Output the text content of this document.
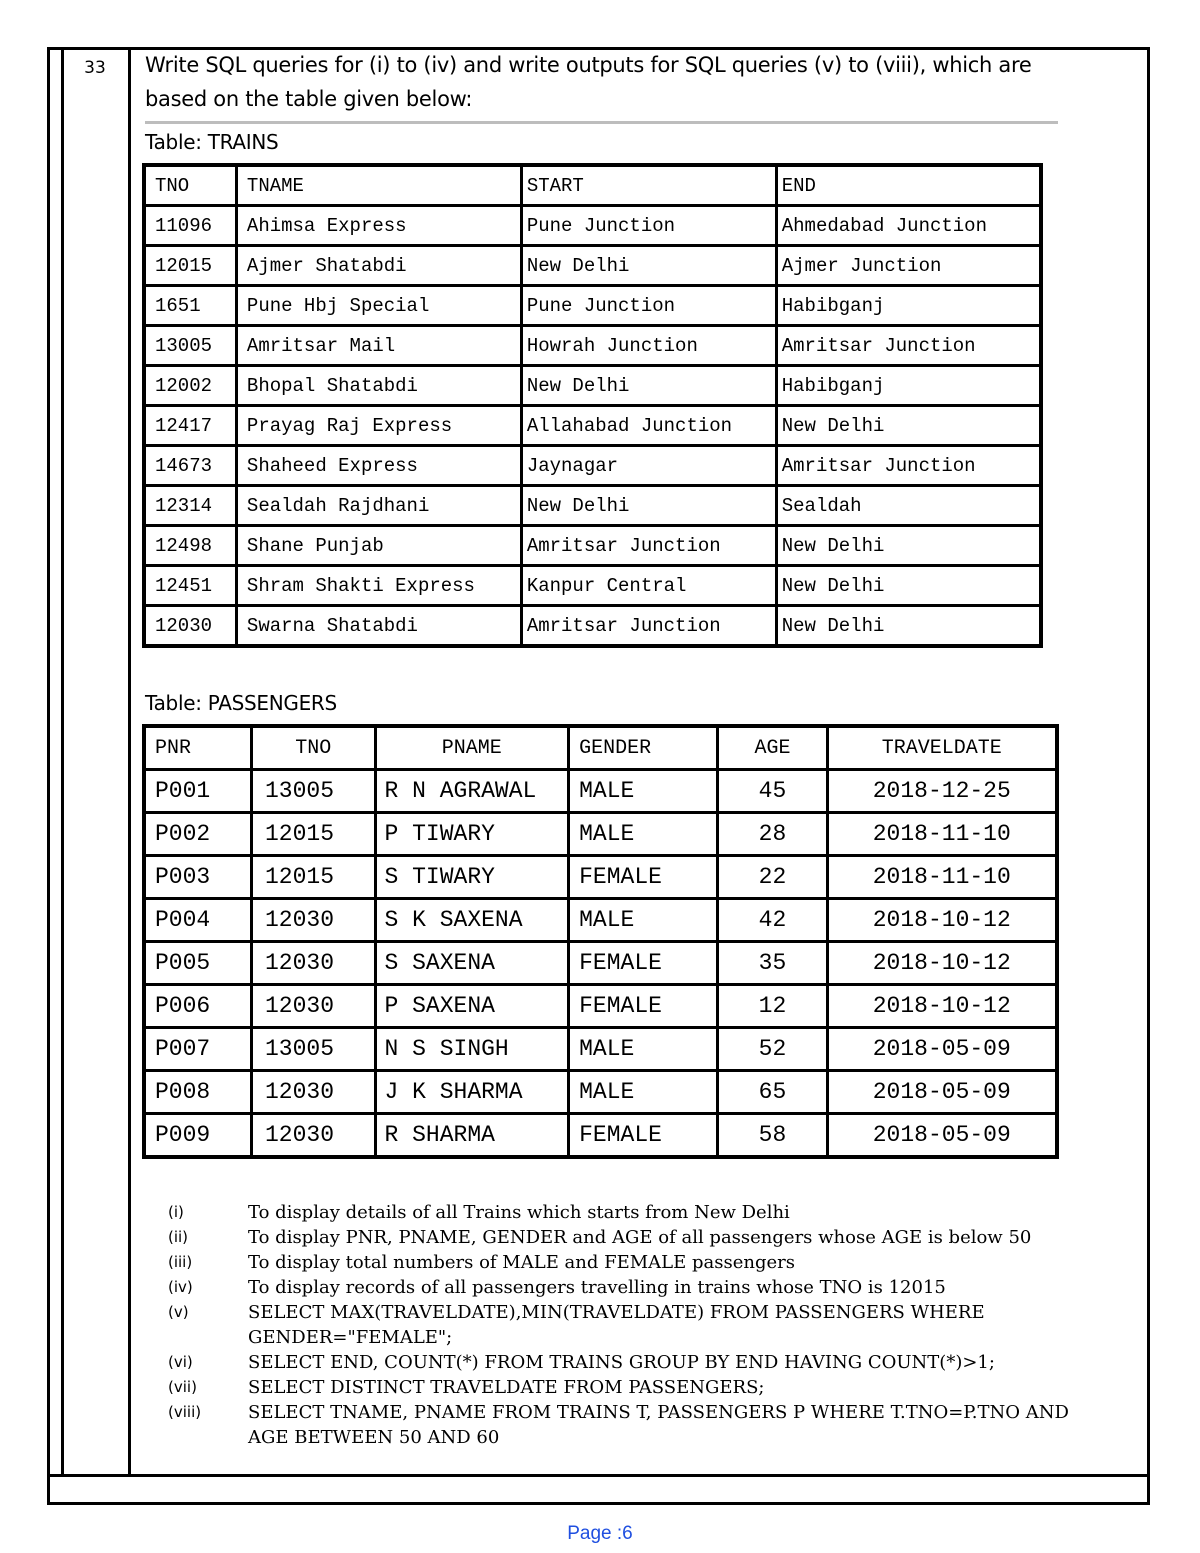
33	Write SQL queries for (i) to (iv) and write outputs for SQL queries (v) to (viii), which are based on the table given below:
Table: TRAINS
TNO	TNAME	START	END
11096	Ahimsa Express	Pune Junction	Ahmedabad Junction
12015	Ajmer Shatabdi	New Delhi	Ajmer Junction
1651	Pune Hbj Special	Pune Junction	Habibganj
13005	Amritsar Mail	Howrah Junction	Amritsar Junction
12002	Bhopal Shatabdi	New Delhi	Habibganj
12417	Prayag Raj Express	Allahabad Junction	New Delhi
14673	Shaheed Express	Jaynagar	Amritsar Junction
12314	Sealdah Rajdhani	New Delhi	Sealdah
12498	Shane Punjab	Amritsar Junction	New Delhi
12451	Shram Shakti Express	Kanpur Central	New Delhi
12030	Swarna Shatabdi	Amritsar Junction	New Delhi
Table: PASSENGERS
PNR	TNO	PNAME	GENDER	AGE	TRAVELDATE
P001	13005	R N AGRAWAL	MALE	45	2018-12-25
P002	12015	P TIWARY	MALE	28	2018-11-10
P003	12015	S TIWARY	FEMALE	22	2018-11-10
P004	12030	S K SAXENA	MALE	42	2018-10-12
P005	12030	S SAXENA	FEMALE	35	2018-10-12
P006	12030	P SAXENA	FEMALE	12	2018-10-12
P007	13005	N S SINGH	MALE	52	2018-05-09
P008	12030	J K SHARMA	MALE	65	2018-05-09
P009	12030	R SHARMA	FEMALE	58	2018-05-09
(i)	To display details of all Trains which starts from New Delhi
(ii)	To display PNR, PNAME, GENDER and AGE of all passengers whose AGE is below 50
(iii)	To display total numbers of MALE and FEMALE passengers
(iv)	To display records of all passengers travelling in trains whose TNO is 12015
(v)	SELECT MAX(TRAVELDATE),MIN(TRAVELDATE) FROM PASSENGERS WHERE GENDER="FEMALE";
(vi)	SELECT END, COUNT(*) FROM TRAINS GROUP BY END HAVING COUNT(*)>1;
(vii)	SELECT DISTINCT TRAVELDATE FROM PASSENGERS;
(viii)	SELECT TNAME, PNAME FROM TRAINS T, PASSENGERS P WHERE T.TNO=P.TNO AND AGE BETWEEN 50 AND 60
Page :6
